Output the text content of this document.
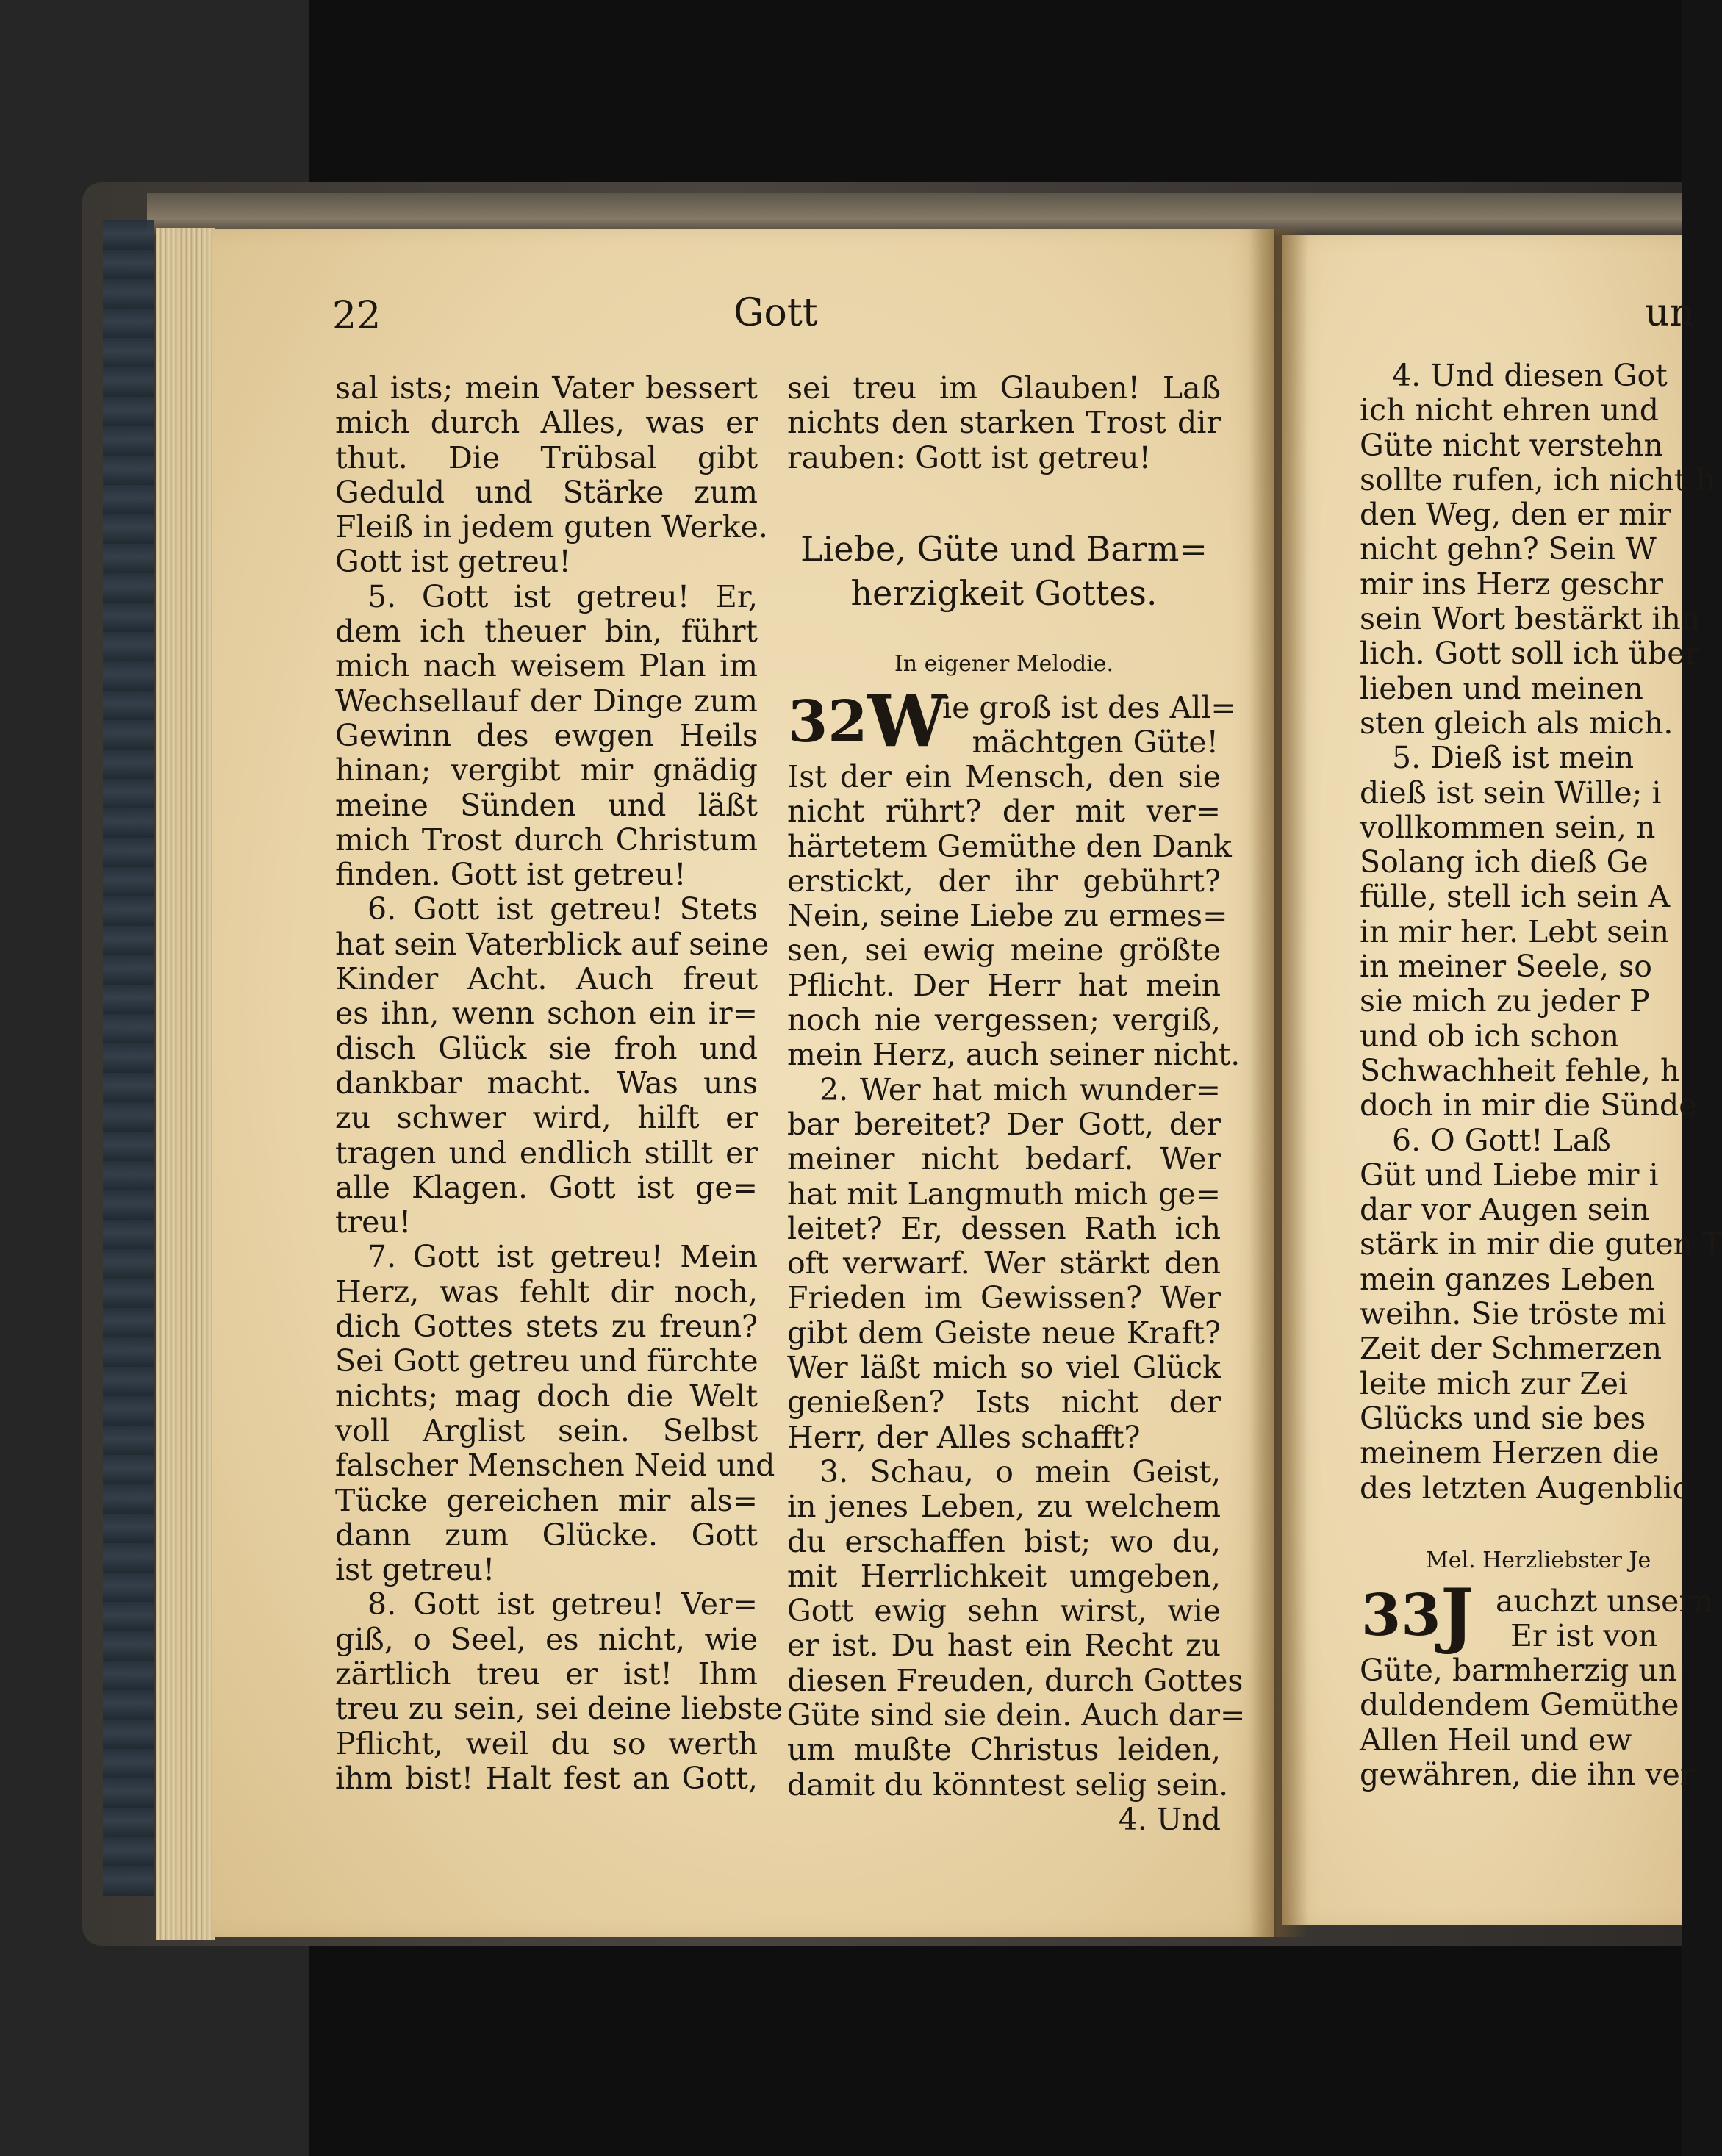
22	Gott
sal ists; mein Vater bessert
mich durch Alles, was er
thut. Die Trübsal gibt
Geduld und Stärke zum
Fleiß in jedem guten Werke.
Gott ist getreu!
5. Gott ist getreu! Er,
dem ich theuer bin, führt
mich nach weisem Plan im
Wechsellauf der Dinge zum
Gewinn des ewgen Heils
hinan; vergibt mir gnädig
meine Sünden und läßt
mich Trost durch Christum
finden. Gott ist getreu!
6. Gott ist getreu! Stets
hat sein Vaterblick auf seine
Kinder Acht. Auch freut
es ihn, wenn schon ein ir=
disch Glück sie froh und
dankbar macht. Was uns
zu schwer wird, hilft er
tragen und endlich stillt er
alle Klagen. Gott ist ge=
treu!
7. Gott ist getreu! Mein
Herz, was fehlt dir noch,
dich Gottes stets zu freun?
Sei Gott getreu und fürchte
nichts; mag doch die Welt
voll Arglist sein. Selbst
falscher Menschen Neid und
Tücke gereichen mir als=
dann zum Glücke. Gott
ist getreu!
8. Gott ist getreu! Ver=
giß, o Seel, es nicht, wie
zärtlich treu er ist! Ihm
treu zu sein, sei deine liebste
Pflicht, weil du so werth
ihm bist! Halt fest an Gott,
sei treu im Glauben! Laß
nichts den starken Trost dir
rauben: Gott ist getreu!
Liebe, Güte und Barm=
herzigkeit Gottes.
In eigener Melodie.
32 W
ie groß ist des All=
mächtgen Güte!
Ist der ein Mensch, den sie
nicht rührt? der mit ver=
härtetem Gemüthe den Dank
erstickt, der ihr gebührt?
Nein, seine Liebe zu ermes=
sen, sei ewig meine größte
Pflicht. Der Herr hat mein
noch nie vergessen; vergiß,
mein Herz, auch seiner nicht.
2. Wer hat mich wunder=
bar bereitet? Der Gott, der
meiner nicht bedarf. Wer
hat mit Langmuth mich ge=
leitet? Er, dessen Rath ich
oft verwarf. Wer stärkt den
Frieden im Gewissen? Wer
gibt dem Geiste neue Kraft?
Wer läßt mich so viel Glück
genießen? Ists nicht der
Herr, der Alles schafft?
3. Schau, o mein Geist,
in jenes Leben, zu welchem
du erschaffen bist; wo du,
mit Herrlichkeit umgeben,
Gott ewig sehn wirst, wie
er ist. Du hast ein Recht zu
diesen Freuden, durch Gottes
Güte sind sie dein. Auch dar=
um mußte Christus leiden,
damit du könntest selig sein.
4. Und
un
4. Und diesen Got
ich nicht ehren und
Güte nicht verstehn
sollte rufen, ich nicht h
den Weg, den er mir
nicht gehn? Sein W
mir ins Herz geschr
sein Wort bestärkt ihn
lich. Gott soll ich über
lieben und meinen
sten gleich als mich.
5. Dieß ist mein
dieß ist sein Wille; i
vollkommen sein, n
Solang ich dieß Ge
fülle, stell ich sein A
in mir her. Lebt sein
in meiner Seele, so
sie mich zu jeder P
und ob ich schon
Schwachheit fehle, h
doch in mir die Sünde
6. O Gott! Laß
Güt und Liebe mir i
dar vor Augen sein
stärk in mir die guten T
mein ganzes Leben
weihn. Sie tröste mi
Zeit der Schmerzen
leite mich zur Zei
Glücks und sie bes
meinem Herzen die
des letzten Augenblic
Mel. Herzliebster Je
33 J auchzt unsern
Er ist von
Güte, barmherzig un
duldendem Gemüthe
Allen Heil und ew
gewähren, die ihn ver
